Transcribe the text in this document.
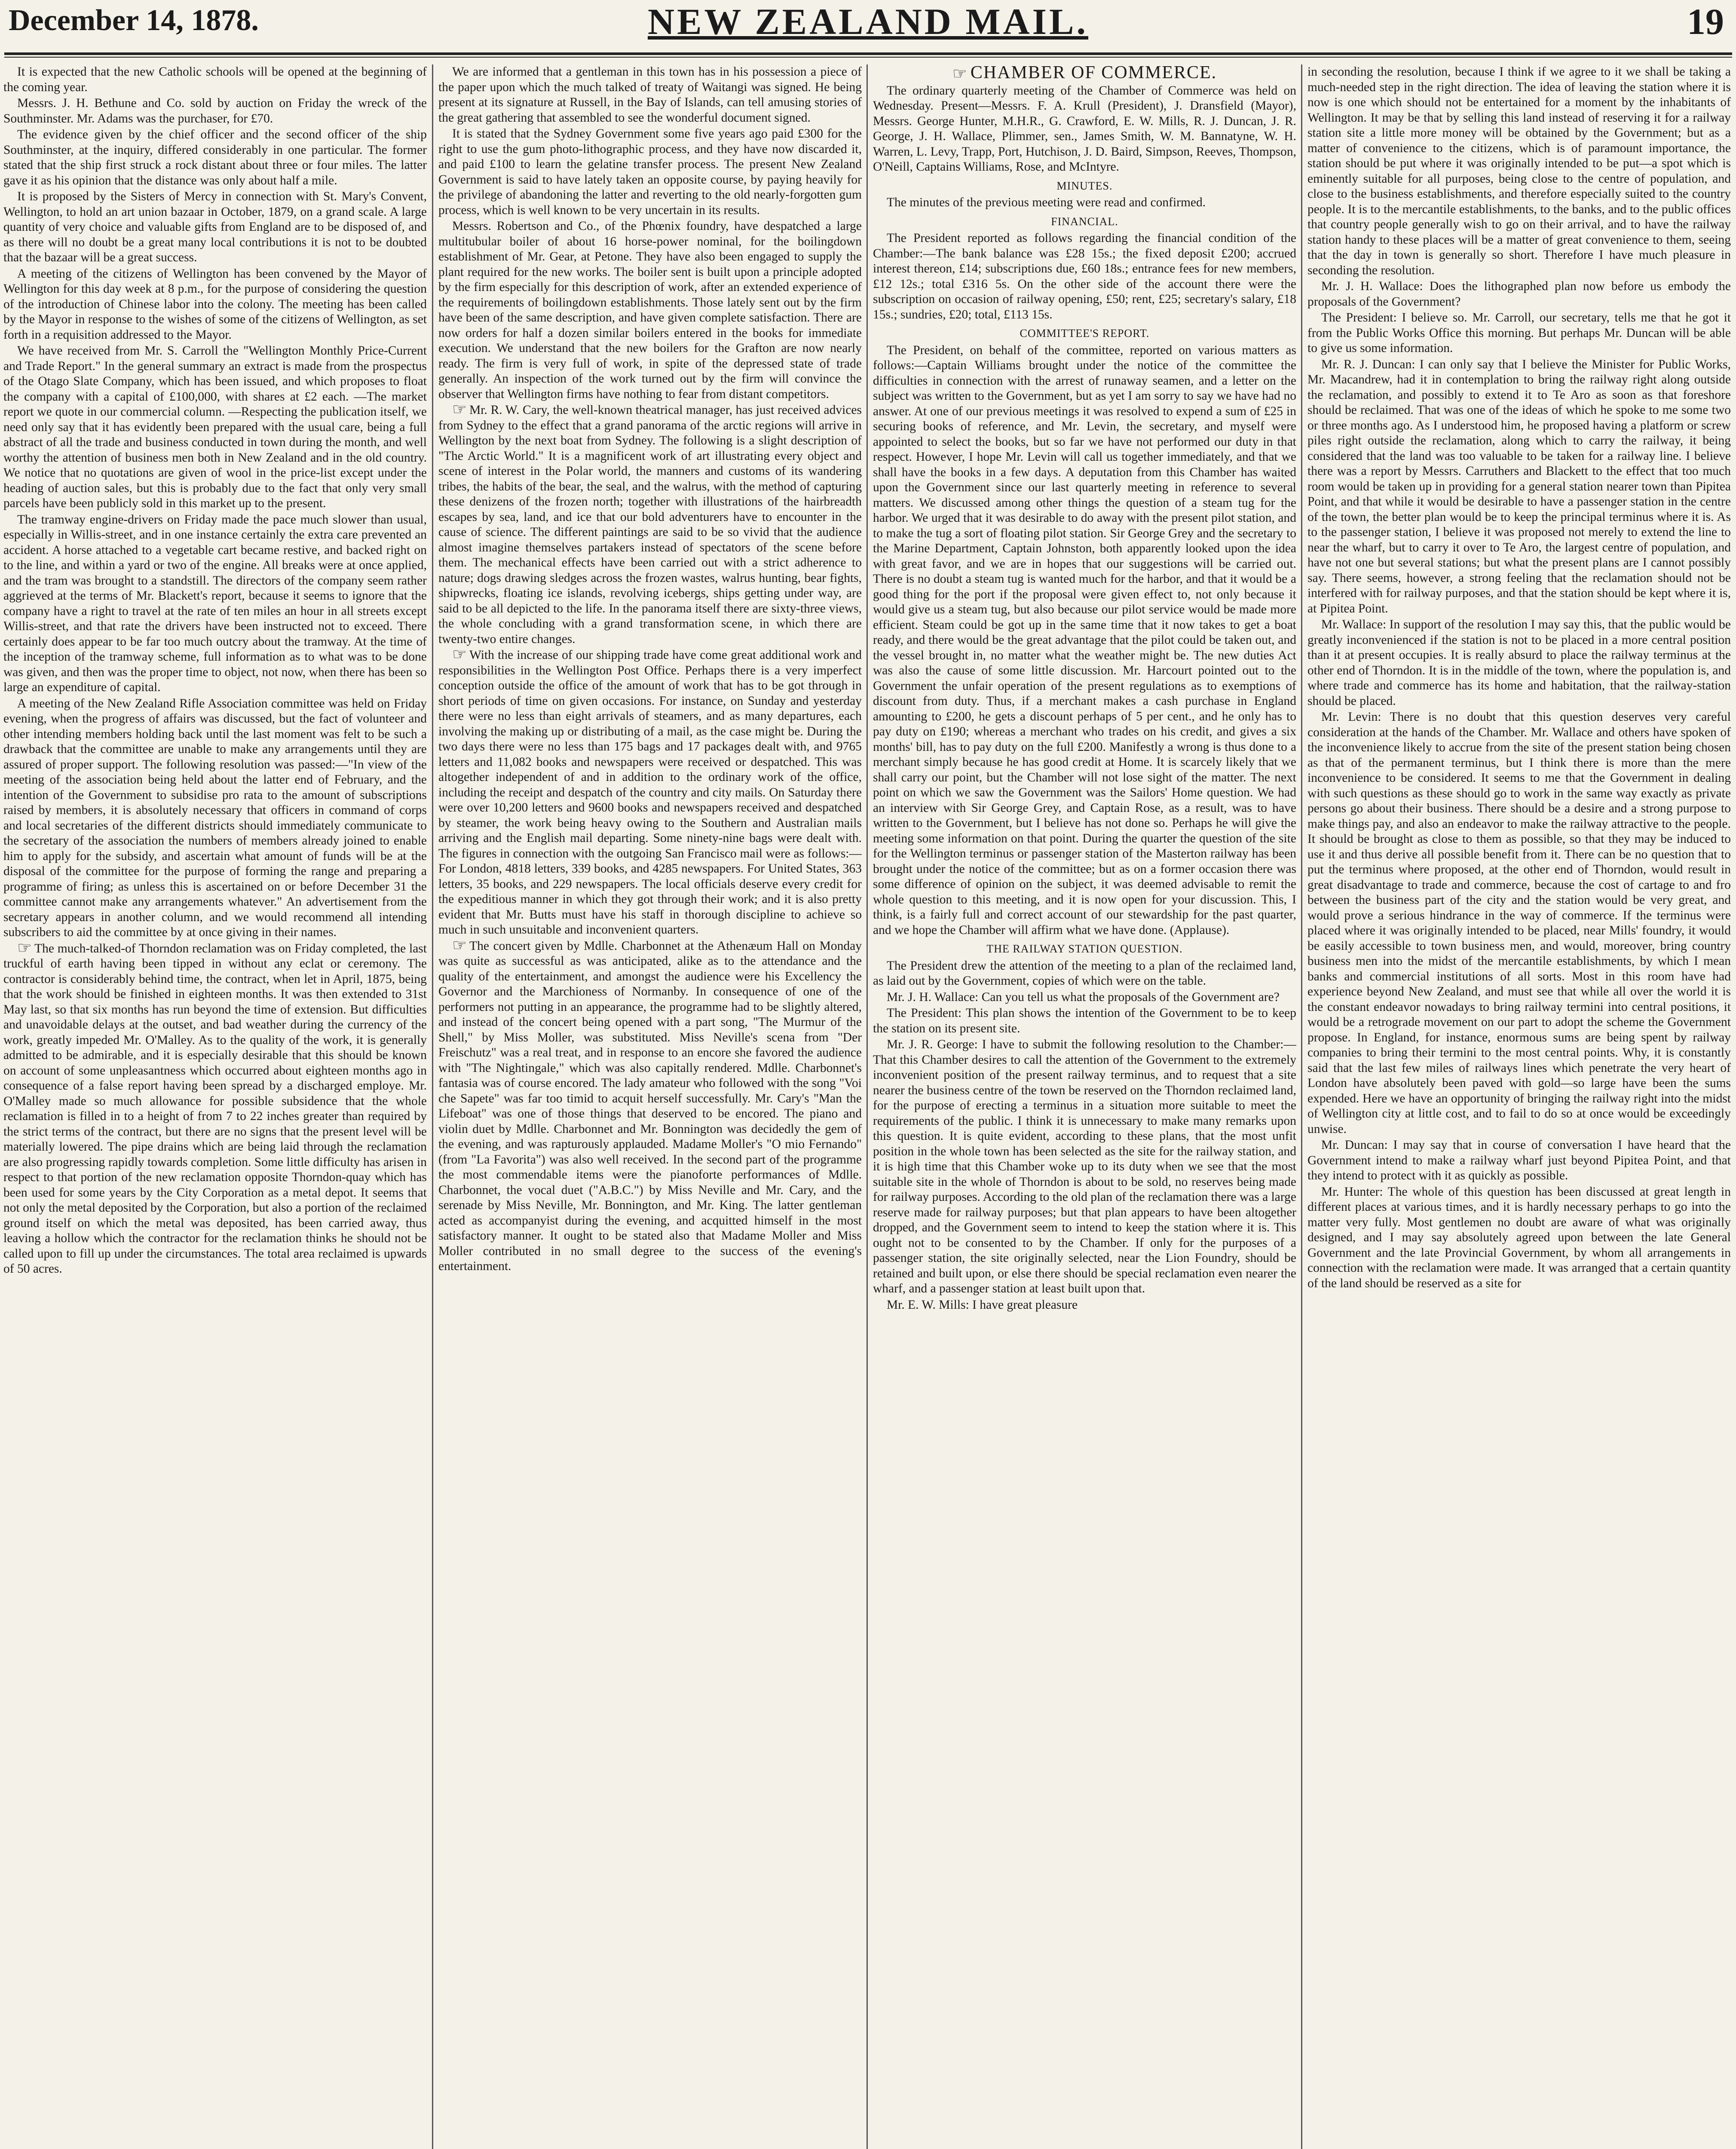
December 14, 1878.	NEW ZEALAND MAIL.	19

It is expected that the new Catholic schools will be opened at the beginning of the coming year.

Messrs. J. H. Bethune and Co. sold by auction on Friday the wreck of the Southminster. Mr. Adams was the purchaser, for £70.

The evidence given by the chief officer and the second officer of the ship Southminster, at the inquiry, differed considerably in one particular. The former stated that the ship first struck a rock distant about three or four miles. The latter gave it as his opinion that the distance was only about half a mile.

It is proposed by the Sisters of Mercy in connection with St. Mary's Convent, Wellington, to hold an art union bazaar in October, 1879, on a grand scale. A large quantity of very choice and valuable gifts from England are to be disposed of, and as there will no doubt be a great many local contributions it is not to be doubted that the bazaar will be a great success.

A meeting of the citizens of Wellington has been convened by the Mayor of Wellington for this day week at 8 p.m., for the purpose of considering the question of the introduction of Chinese labor into the colony. The meeting has been called by the Mayor in response to the wishes of some of the citizens of Wellington, as set forth in a requisition addressed to the Mayor.

We have received from Mr. S. Carroll the "Wellington Monthly Price-Current and Trade Report." In the general summary an extract is made from the prospectus of the Otago Slate Company, which has been issued, and which proposes to float the company with a capital of £100,000, with shares at £2 each. —The market report we quote in our commercial column. —Respecting the publication itself, we need only say that it has evidently been prepared with the usual care, being a full abstract of all the trade and business conducted in town during the month, and well worthy the attention of business men both in New Zealand and in the old country. We notice that no quotations are given of wool in the price-list except under the heading of auction sales, but this is probably due to the fact that only very small parcels have been publicly sold in this market up to the present.

The tramway engine-drivers on Friday made the pace much slower than usual, especially in Willis-street, and in one instance certainly the extra care prevented an accident. A horse attached to a vegetable cart became restive, and backed right on to the line, and within a yard or two of the engine. All breaks were at once applied, and the tram was brought to a standstill. The directors of the company seem rather aggrieved at the terms of Mr. Blackett's report, because it seems to ignore that the company have a right to travel at the rate of ten miles an hour in all streets except Willis-street, and that rate the drivers have been instructed not to exceed. There certainly does appear to be far too much outcry about the tramway. At the time of the inception of the tramway scheme, full information as to what was to be done was given, and then was the proper time to object, not now, when there has been so large an expenditure of capital.

A meeting of the New Zealand Rifle Association committee was held on Friday evening, when the progress of affairs was discussed, but the fact of volunteer and other intending members holding back until the last moment was felt to be such a drawback that the committee are unable to make any arrangements until they are assured of proper support. The following resolution was passed:—"In view of the meeting of the association being held about the latter end of February, and the intention of the Government to subsidise pro rata to the amount of subscriptions raised by members, it is absolutely necessary that officers in command of corps and local secretaries of the different districts should immediately communicate to the secretary of the association the numbers of members already joined to enable him to apply for the subsidy, and ascertain what amount of funds will be at the disposal of the committee for the purpose of forming the range and preparing a programme of firing; as unless this is ascertained on or before December 31 the committee cannot make any arrangements whatever." An advertisement from the secretary appears in another column, and we would recommend all intending subscribers to aid the committee by at once giving in their names.

☞ The much-talked-of Thorndon reclamation was on Friday completed, the last truckful of earth having been tipped in without any eclat or ceremony. The contractor is considerably behind time, the contract, when let in April, 1875, being that the work should be finished in eighteen months. It was then extended to 31st May last, so that six months has run beyond the time of extension. But difficulties and unavoidable delays at the outset, and bad weather during the currency of the work, greatly impeded Mr. O'Malley. As to the quality of the work, it is generally admitted to be admirable, and it is especially desirable that this should be known on account of some unpleasantness which occurred about eighteen months ago in consequence of a false report having been spread by a discharged employe. Mr. O'Malley made so much allowance for possible subsidence that the whole reclamation is filled in to a height of from 7 to 22 inches greater than required by the strict terms of the contract, but there are no signs that the present level will be materially lowered. The pipe drains which are being laid through the reclamation are also progressing rapidly towards completion. Some little difficulty has arisen in respect to that portion of the new reclamation opposite Thorndon-quay which has been used for some years by the City Corporation as a metal depot. It seems that not only the metal deposited by the Corporation, but also a portion of the reclaimed ground itself on which the metal was deposited, has been carried away, thus leaving a hollow which the contractor for the reclamation thinks he should not be called upon to fill up under the circumstances. The total area reclaimed is upwards of 50 acres.

We are informed that a gentleman in this town has in his possession a piece of the paper upon which the much talked of treaty of Waitangi was signed. He being present at its signature at Russell, in the Bay of Islands, can tell amusing stories of the great gathering that assembled to see the wonderful document signed.

It is stated that the Sydney Government some five years ago paid £300 for the right to use the gum photo-lithographic process, and they have now discarded it, and paid £100 to learn the gelatine transfer process. The present New Zealand Government is said to have lately taken an opposite course, by paying heavily for the privilege of abandoning the latter and reverting to the old nearly-forgotten gum process, which is well known to be very uncertain in its results.

Messrs. Robertson and Co., of the Phœnix foundry, have despatched a large multitubular boiler of about 16 horse-power nominal, for the boilingdown establishment of Mr. Gear, at Petone. They have also been engaged to supply the plant required for the new works. The boiler sent is built upon a principle adopted by the firm especially for this description of work, after an extended experience of the requirements of boilingdown establishments. Those lately sent out by the firm have been of the same description, and have given complete satisfaction. There are now orders for half a dozen similar boilers entered in the books for immediate execution. We understand that the new boilers for the Grafton are now nearly ready. The firm is very full of work, in spite of the depressed state of trade generally. An inspection of the work turned out by the firm will convince the observer that Wellington firms have nothing to fear from distant competitors.

☞ Mr. R. W. Cary, the well-known theatrical manager, has just received advices from Sydney to the effect that a grand panorama of the arctic regions will arrive in Wellington by the next boat from Sydney. The following is a slight description of "The Arctic World." It is a magnificent work of art illustrating every object and scene of interest in the Polar world, the manners and customs of its wandering tribes, the habits of the bear, the seal, and the walrus, with the method of capturing these denizens of the frozen north; together with illustrations of the hairbreadth escapes by sea, land, and ice that our bold adventurers have to encounter in the cause of science. The different paintings are said to be so vivid that the audience almost imagine themselves partakers instead of spectators of the scene before them. The mechanical effects have been carried out with a strict adherence to nature; dogs drawing sledges across the frozen wastes, walrus hunting, bear fights, shipwrecks, floating ice islands, revolving icebergs, ships getting under way, are said to be all depicted to the life. In the panorama itself there are sixty-three views, the whole concluding with a grand transformation scene, in which there are twenty-two entire changes.

☞ With the increase of our shipping trade have come great additional work and responsibilities in the Wellington Post Office. Perhaps there is a very imperfect conception outside the office of the amount of work that has to be got through in short periods of time on given occasions. For instance, on Sunday and yesterday there were no less than eight arrivals of steamers, and as many departures, each involving the making up or distributing of a mail, as the case might be. During the two days there were no less than 175 bags and 17 packages dealt with, and 9765 letters and 11,082 books and newspapers were received or despatched. This was altogether independent of and in addition to the ordinary work of the office, including the receipt and despatch of the country and city mails. On Saturday there were over 10,200 letters and 9600 books and newspapers received and despatched by steamer, the work being heavy owing to the Southern and Australian mails arriving and the English mail departing. Some ninety-nine bags were dealt with. The figures in connection with the outgoing San Francisco mail were as follows:—For London, 4818 letters, 339 books, and 4285 newspapers. For United States, 363 letters, 35 books, and 229 newspapers. The local officials deserve every credit for the expeditious manner in which they got through their work; and it is also pretty evident that Mr. Butts must have his staff in thorough discipline to achieve so much in such unsuitable and inconvenient quarters.

☞ The concert given by Mdlle. Charbonnet at the Athenæum Hall on Monday was quite as successful as was anticipated, alike as to the attendance and the quality of the entertainment, and amongst the audience were his Excellency the Governor and the Marchioness of Normanby. In consequence of one of the performers not putting in an appearance, the programme had to be slightly altered, and instead of the concert being opened with a part song, "The Murmur of the Shell," by Miss Moller, was substituted. Miss Neville's scena from "Der Freischutz" was a real treat, and in response to an encore she favored the audience with "The Nightingale," which was also capitally rendered. Mdlle. Charbonnet's fantasia was of course encored. The lady amateur who followed with the song "Voi che Sapete" was far too timid to acquit herself successfully. Mr. Cary's "Man the Lifeboat" was one of those things that deserved to be encored. The piano and violin duet by Mdlle. Charbonnet and Mr. Bonnington was decidedly the gem of the evening, and was rapturously applauded. Madame Moller's "O mio Fernando" (from "La Favorita") was also well received. In the second part of the programme the most commendable items were the pianoforte performances of Mdlle. Charbonnet, the vocal duet ("A.B.C.") by Miss Neville and Mr. Cary, and the serenade by Miss Neville, Mr. Bonnington, and Mr. King. The latter gentleman acted as accompanyist during the evening, and acquitted himself in the most satisfactory manner. It ought to be stated also that Madame Moller and Miss Moller contributed in no small degree to the success of the evening's entertainment.

☞ CHAMBER OF COMMERCE.

The ordinary quarterly meeting of the Chamber of Commerce was held on Wednesday. Present—Messrs. F. A. Krull (President), J. Dransfield (Mayor), Messrs. George Hunter, M.H.R., G. Crawford, E. W. Mills, R. J. Duncan, J. R. George, J. H. Wallace, Plimmer, sen., James Smith, W. M. Bannatyne, W. H. Warren, L. Levy, Trapp, Port, Hutchison, J. D. Baird, Simpson, Reeves, Thompson, O'Neill, Captains Williams, Rose, and McIntyre.

MINUTES.

The minutes of the previous meeting were read and confirmed.

FINANCIAL.

The President reported as follows regarding the financial condition of the Chamber:—The bank balance was £28 15s.; the fixed deposit £200; accrued interest thereon, £14; subscriptions due, £60 18s.; entrance fees for new members, £12 12s.; total £316 5s. On the other side of the account there were the subscription on occasion of railway opening, £50; rent, £25; secretary's salary, £18 15s.; sundries, £20; total, £113 15s.

COMMITTEE'S REPORT.

The President, on behalf of the committee, reported on various matters as follows:—Captain Williams brought under the notice of the committee the difficulties in connection with the arrest of runaway seamen, and a letter on the subject was written to the Government, but as yet I am sorry to say we have had no answer. At one of our previous meetings it was resolved to expend a sum of £25 in securing books of reference, and Mr. Levin, the secretary, and myself were appointed to select the books, but so far we have not performed our duty in that respect. However, I hope Mr. Levin will call us together immediately, and that we shall have the books in a few days. A deputation from this Chamber has waited upon the Government since our last quarterly meeting in reference to several matters. We discussed among other things the question of a steam tug for the harbor. We urged that it was desirable to do away with the present pilot station, and to make the tug a sort of floating pilot station. Sir George Grey and the secretary to the Marine Department, Captain Johnston, both apparently looked upon the idea with great favor, and we are in hopes that our suggestions will be carried out. There is no doubt a steam tug is wanted much for the harbor, and that it would be a good thing for the port if the proposal were given effect to, not only because it would give us a steam tug, but also because our pilot service would be made more efficient. Steam could be got up in the same time that it now takes to get a boat ready, and there would be the great advantage that the pilot could be taken out, and the vessel brought in, no matter what the weather might be. The new duties Act was also the cause of some little discussion. Mr. Harcourt pointed out to the Government the unfair operation of the present regulations as to exemptions of discount from duty. Thus, if a merchant makes a cash purchase in England amounting to £200, he gets a discount perhaps of 5 per cent., and he only has to pay duty on £190; whereas a merchant who trades on his credit, and gives a six months' bill, has to pay duty on the full £200. Manifestly a wrong is thus done to a merchant simply because he has good credit at Home. It is scarcely likely that we shall carry our point, but the Chamber will not lose sight of the matter. The next point on which we saw the Government was the Sailors' Home question. We had an interview with Sir George Grey, and Captain Rose, as a result, was to have written to the Government, but I believe has not done so. Perhaps he will give the meeting some information on that point. During the quarter the question of the site for the Wellington terminus or passenger station of the Masterton railway has been brought under the notice of the committee; but as on a former occasion there was some difference of opinion on the subject, it was deemed advisable to remit the whole question to this meeting, and it is now open for your discussion. This, I think, is a fairly full and correct account of our stewardship for the past quarter, and we hope the Chamber will affirm what we have done. (Applause).

THE RAILWAY STATION QUESTION.

The President drew the attention of the meeting to a plan of the reclaimed land, as laid out by the Government, copies of which were on the table.

Mr. J. H. Wallace: Can you tell us what the proposals of the Government are?

The President: This plan shows the intention of the Government to be to keep the station on its present site.

Mr. J. R. George: I have to submit the following resolution to the Chamber:—That this Chamber desires to call the attention of the Government to the extremely inconvenient position of the present railway terminus, and to request that a site nearer the business centre of the town be reserved on the Thorndon reclaimed land, for the purpose of erecting a terminus in a situation more suitable to meet the requirements of the public. I think it is unnecessary to make many remarks upon this question. It is quite evident, according to these plans, that the most unfit position in the whole town has been selected as the site for the railway station, and it is high time that this Chamber woke up to its duty when we see that the most suitable site in the whole of Thorndon is about to be sold, no reserves being made for railway purposes. According to the old plan of the reclamation there was a large reserve made for railway purposes; but that plan appears to have been altogether dropped, and the Government seem to intend to keep the station where it is. This ought not to be consented to by the Chamber. If only for the purposes of a passenger station, the site originally selected, near the Lion Foundry, should be retained and built upon, or else there should be special reclamation even nearer the wharf, and a passenger station at least built upon that.

Mr. E. W. Mills: I have great pleasure

in seconding the resolution, because I think if we agree to it we shall be taking a much-needed step in the right direction. The idea of leaving the station where it is now is one which should not be entertained for a moment by the inhabitants of Wellington. It may be that by selling this land instead of reserving it for a railway station site a little more money will be obtained by the Government; but as a matter of convenience to the citizens, which is of paramount importance, the station should be put where it was originally intended to be put—a spot which is eminently suitable for all purposes, being close to the centre of population, and close to the business establishments, and therefore especially suited to the country people. It is to the mercantile establishments, to the banks, and to the public offices that country people generally wish to go on their arrival, and to have the railway station handy to these places will be a matter of great convenience to them, seeing that the day in town is generally so short. Therefore I have much pleasure in seconding the resolution.

Mr. J. H. Wallace: Does the lithographed plan now before us embody the proposals of the Government?

The President: I believe so. Mr. Carroll, our secretary, tells me that he got it from the Public Works Office this morning. But perhaps Mr. Duncan will be able to give us some information.

Mr. R. J. Duncan: I can only say that I believe the Minister for Public Works, Mr. Macandrew, had it in contemplation to bring the railway right along outside the reclamation, and possibly to extend it to Te Aro as soon as that foreshore should be reclaimed. That was one of the ideas of which he spoke to me some two or three months ago. As I understood him, he proposed having a platform or screw piles right outside the reclamation, along which to carry the railway, it being considered that the land was too valuable to be taken for a railway line. I believe there was a report by Messrs. Carruthers and Blackett to the effect that too much room would be taken up in providing for a general station nearer town than Pipitea Point, and that while it would be desirable to have a passenger station in the centre of the town, the better plan would be to keep the principal terminus where it is. As to the passenger station, I believe it was proposed not merely to extend the line to near the wharf, but to carry it over to Te Aro, the largest centre of population, and have not one but several stations; but what the present plans are I cannot possibly say. There seems, however, a strong feeling that the reclamation should not be interfered with for railway purposes, and that the station should be kept where it is, at Pipitea Point.

Mr. Wallace: In support of the resolution I may say this, that the public would be greatly inconvenienced if the station is not to be placed in a more central position than it at present occupies. It is really absurd to place the railway terminus at the other end of Thorndon. It is in the middle of the town, where the population is, and where trade and commerce has its home and habitation, that the railway-station should be placed.

Mr. Levin: There is no doubt that this question deserves very careful consideration at the hands of the Chamber. Mr. Wallace and others have spoken of the inconvenience likely to accrue from the site of the present station being chosen as that of the permanent terminus, but I think there is more than the mere inconvenience to be considered. It seems to me that the Government in dealing with such questions as these should go to work in the same way exactly as private persons go about their business. There should be a desire and a strong purpose to make things pay, and also an endeavor to make the railway attractive to the people. It should be brought as close to them as possible, so that they may be induced to use it and thus derive all possible benefit from it. There can be no question that to put the terminus where proposed, at the other end of Thorndon, would result in great disadvantage to trade and commerce, because the cost of cartage to and fro between the business part of the city and the station would be very great, and would prove a serious hindrance in the way of commerce. If the terminus were placed where it was originally intended to be placed, near Mills' foundry, it would be easily accessible to town business men, and would, moreover, bring country business men into the midst of the mercantile establishments, by which I mean banks and commercial institutions of all sorts. Most in this room have had experience beyond New Zealand, and must see that while all over the world it is the constant endeavor nowadays to bring railway termini into central positions, it would be a retrograde movement on our part to adopt the scheme the Government propose. In England, for instance, enormous sums are being spent by railway companies to bring their termini to the most central points. Why, it is constantly said that the last few miles of railways lines which penetrate the very heart of London have absolutely been paved with gold—so large have been the sums expended. Here we have an opportunity of bringing the railway right into the midst of Wellington city at little cost, and to fail to do so at once would be exceedingly unwise.

Mr. Duncan: I may say that in course of conversation I have heard that the Government intend to make a railway wharf just beyond Pipitea Point, and that they intend to protect with it as quickly as possible.

Mr. Hunter: The whole of this question has been discussed at great length in different places at various times, and it is hardly necessary perhaps to go into the matter very fully. Most gentlemen no doubt are aware of what was originally designed, and I may say absolutely agreed upon between the late General Government and the late Provincial Government, by whom all arrangements in connection with the reclamation were made. It was arranged that a certain quantity of the land should be reserved as a site for
